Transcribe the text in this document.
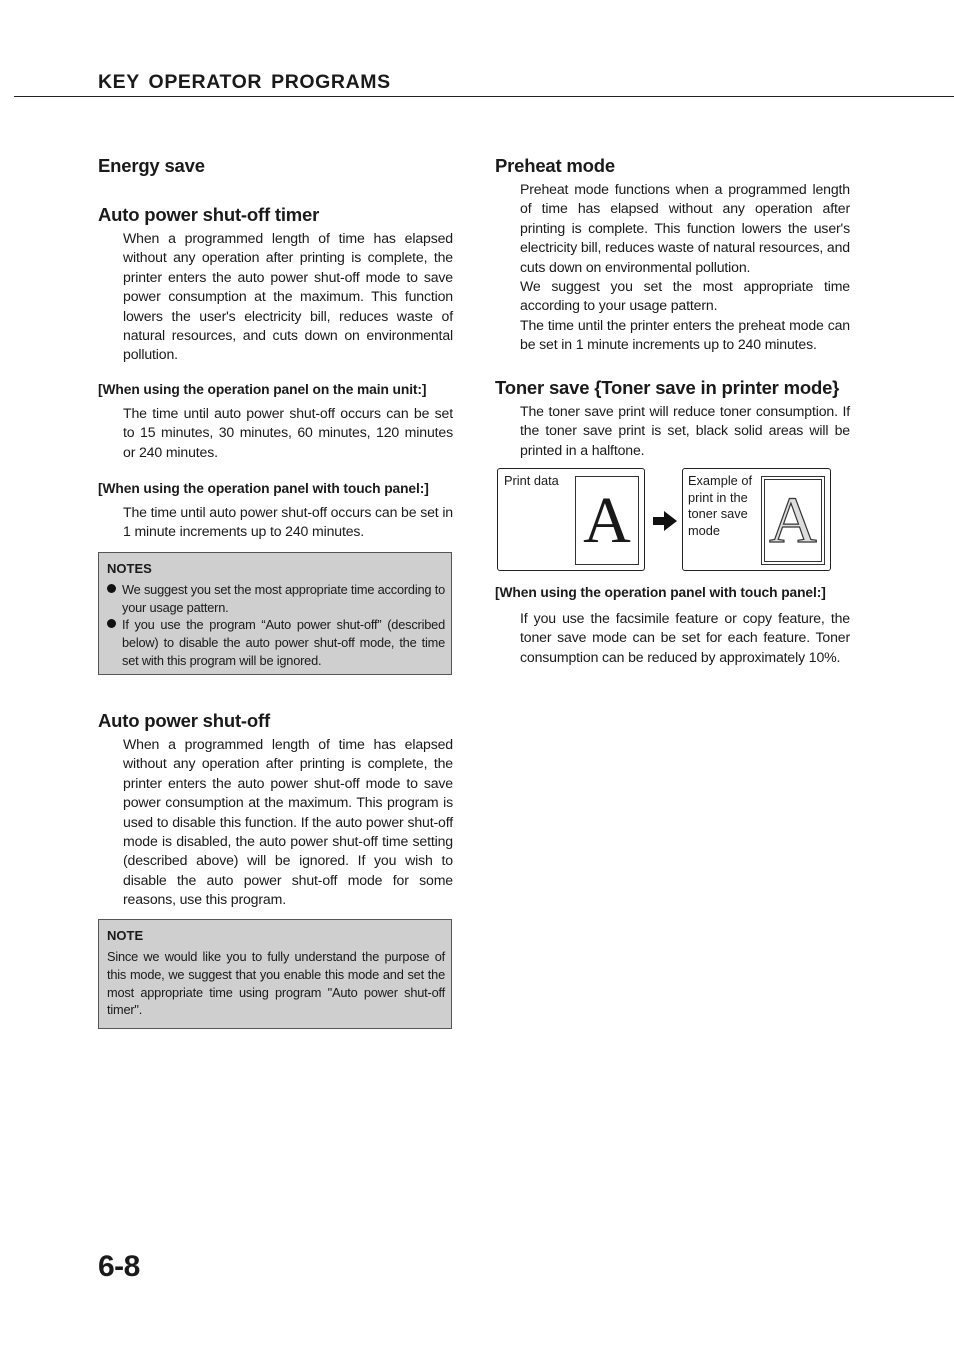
KEY OPERATOR PROGRAMS
Energy save
Auto power shut-off timer

When a programmed length of time has elapsed without any operation after printing is complete, the printer enters the auto power shut-off mode to save power consumption at the maximum. This function lowers the user's electricity bill, reduces waste of natural resources, and cuts down on environmental pollution.

[When using the operation panel on the main unit:]

The time until auto power shut-off occurs can be set to 15 minutes, 30 minutes, 60 minutes, 120 minutes or 240 minutes.

[When using the operation panel with touch panel:]

The time until auto power shut-off occurs can be set in 1 minute increments up to 240 minutes.

NOTES
We suggest you set the most appropriate time according to your usage pattern.
If you use the program “Auto power shut-off” (described below) to disable the auto power shut-off mode, the time set with this program will be ignored.
Auto power shut-off

When a programmed length of time has elapsed without any operation after printing is complete, the printer enters the auto power shut-off mode to save power consumption at the maximum. This program is used to disable this function. If the auto power shut-off mode is disabled, the auto power shut-off time setting (described above) will be ignored. If you wish to disable the auto power shut-off mode for some reasons, use this program.

NOTE
Since we would like you to fully understand the purpose of this mode, we suggest that you enable this mode and set the most appropriate time using program "Auto power shut-off timer".
Preheat mode

Preheat mode functions when a programmed length of time has elapsed without any operation after printing is complete. This function lowers the user's electricity bill, reduces waste of natural resources, and cuts down on environmental pollution.

We suggest you set the most appropriate time according to your usage pattern.

The time until the printer enters the preheat mode can be set in 1 minute increments up to 240 minutes.

Toner save {Toner save in printer mode}

The toner save print will reduce toner consumption. If the toner save print is set, black solid areas will be printed in a halftone.

[When using the operation panel with touch panel:]

If you use the facsimile feature or copy feature, the toner save mode can be set for each feature. Toner consumption can be reduced by approximately 10%.

Print data
A
Example of print in the toner save mode A
6-8
